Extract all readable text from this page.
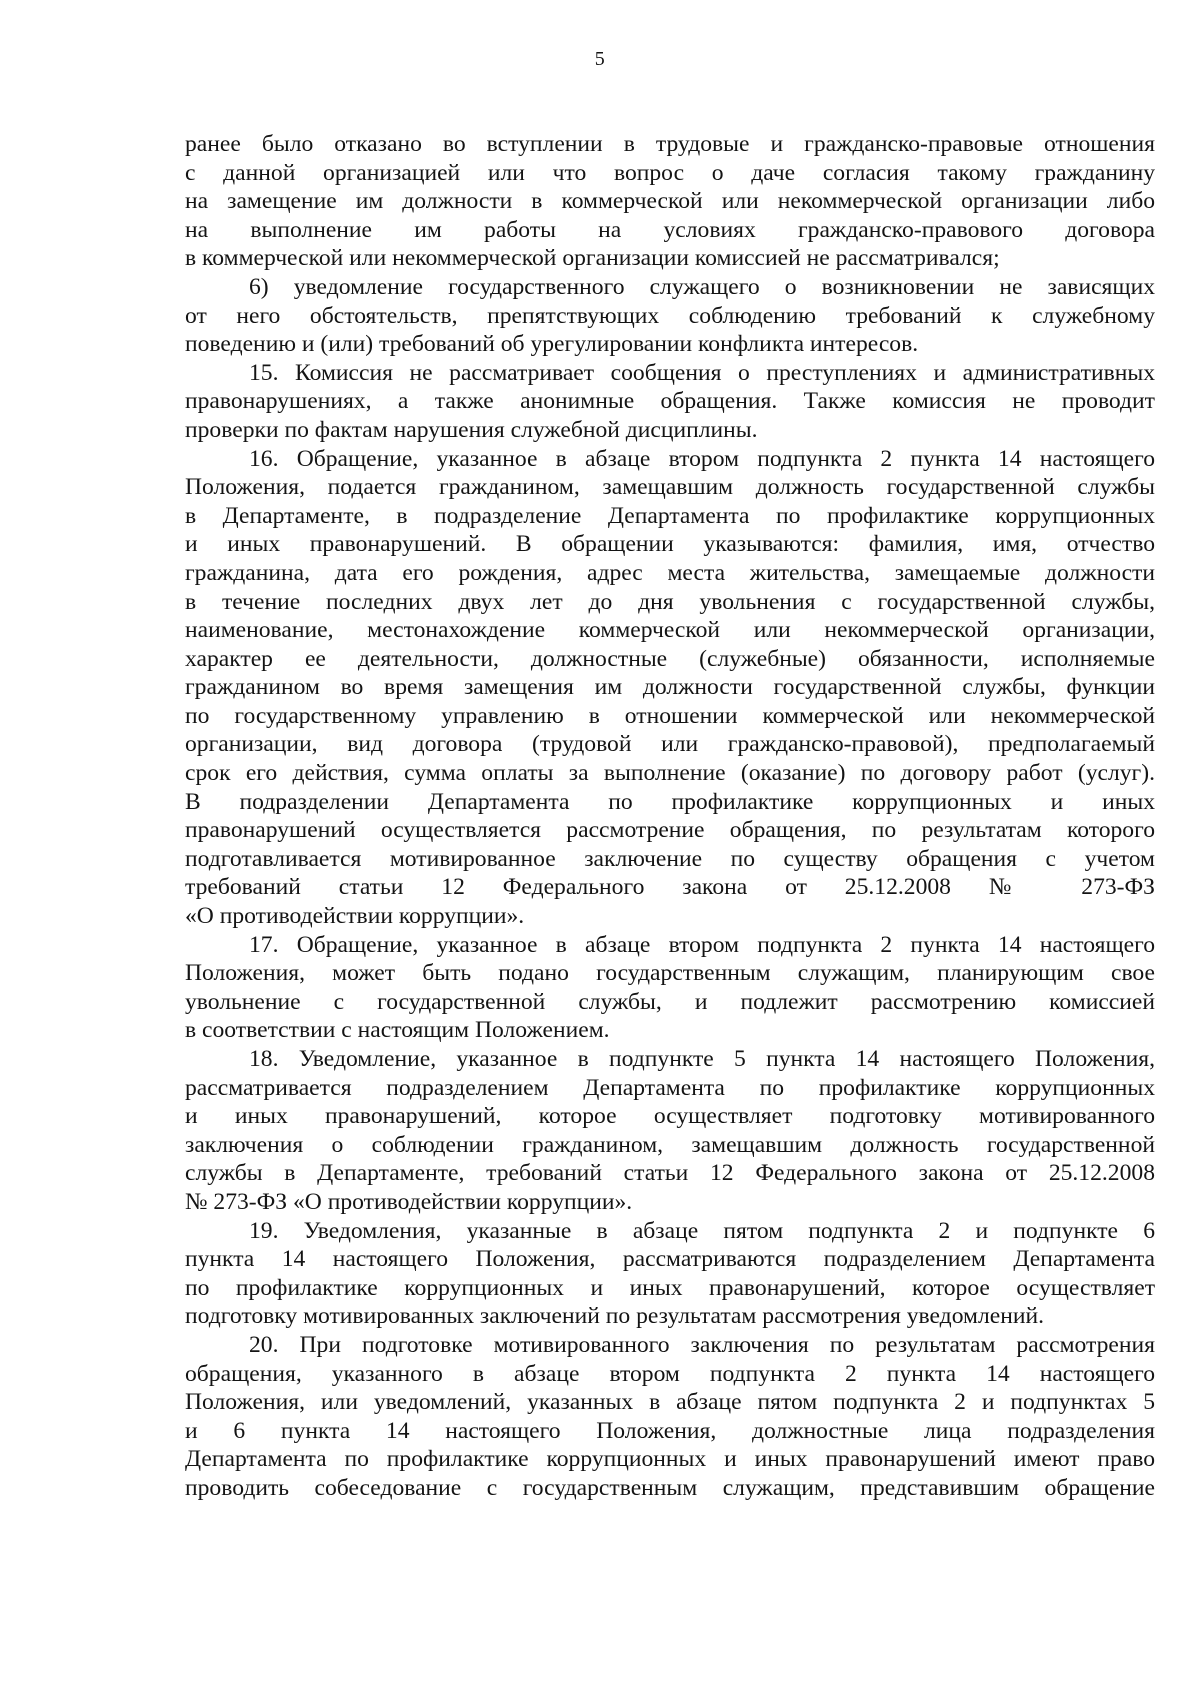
5

ранее было отказано во вступлении в трудовые и гражданско-правовые отношения

с данной организацией или что вопрос о даче согласия такому гражданину

на замещение им должности в коммерческой или некоммерческой организации либо

на выполнение им работы на условиях гражданско-правового договора

в коммерческой или некоммерческой организации комиссией не рассматривался;

6) уведомление государственного служащего о возникновении не зависящих

от него обстоятельств, препятствующих соблюдению требований к служебному

поведению и (или) требований об урегулировании конфликта интересов.

15. Комиссия не рассматривает сообщения о преступлениях и административных

правонарушениях, а также анонимные обращения. Также комиссия не проводит

проверки по фактам нарушения служебной дисциплины.

16. Обращение, указанное в абзаце втором подпункта 2 пункта 14 настоящего

Положения, подается гражданином, замещавшим должность государственной службы

в Департаменте, в подразделение Департамента по профилактике коррупционных

и иных правонарушений. В обращении указываются: фамилия, имя, отчество

гражданина, дата его рождения, адрес места жительства, замещаемые должности

в течение последних двух лет до дня увольнения с государственной службы,

наименование, местонахождение коммерческой или некоммерческой организации,

характер ее деятельности, должностные (служебные) обязанности, исполняемые

гражданином во время замещения им должности государственной службы, функции

по государственному управлению в отношении коммерческой или некоммерческой

организации, вид договора (трудовой или гражданско-правовой), предполагаемый

срок его действия, сумма оплаты за выполнение (оказание) по договору работ (услуг).

В подразделении Департамента по профилактике коррупционных и иных

правонарушений осуществляется рассмотрение обращения, по результатам которого

подготавливается мотивированное заключение по существу обращения с учетом

требований статьи 12 Федерального закона от 25.12.2008 № 273-ФЗ

«О противодействии коррупции».

17. Обращение, указанное в абзаце втором подпункта 2 пункта 14 настоящего

Положения, может быть подано государственным служащим, планирующим свое

увольнение с государственной службы, и подлежит рассмотрению комиссией

в соответствии с настоящим Положением.

18. Уведомление, указанное в подпункте 5 пункта 14 настоящего Положения,

рассматривается подразделением Департамента по профилактике коррупционных

и иных правонарушений, которое осуществляет подготовку мотивированного

заключения о соблюдении гражданином, замещавшим должность государственной

службы в Департаменте, требований статьи 12 Федерального закона от 25.12.2008

№ 273-ФЗ «О противодействии коррупции».

19. Уведомления, указанные в абзаце пятом подпункта 2 и подпункте 6

пункта 14 настоящего Положения, рассматриваются подразделением Департамента

по профилактике коррупционных и иных правонарушений, которое осуществляет

подготовку мотивированных заключений по результатам рассмотрения уведомлений.

20. При подготовке мотивированного заключения по результатам рассмотрения

обращения, указанного в абзаце втором подпункта 2 пункта 14 настоящего

Положения, или уведомлений, указанных в абзаце пятом подпункта 2 и подпунктах 5

и 6 пункта 14 настоящего Положения, должностные лица подразделения

Департамента по профилактике коррупционных и иных правонарушений имеют право

проводить собеседование с государственным служащим, представившим обращение
